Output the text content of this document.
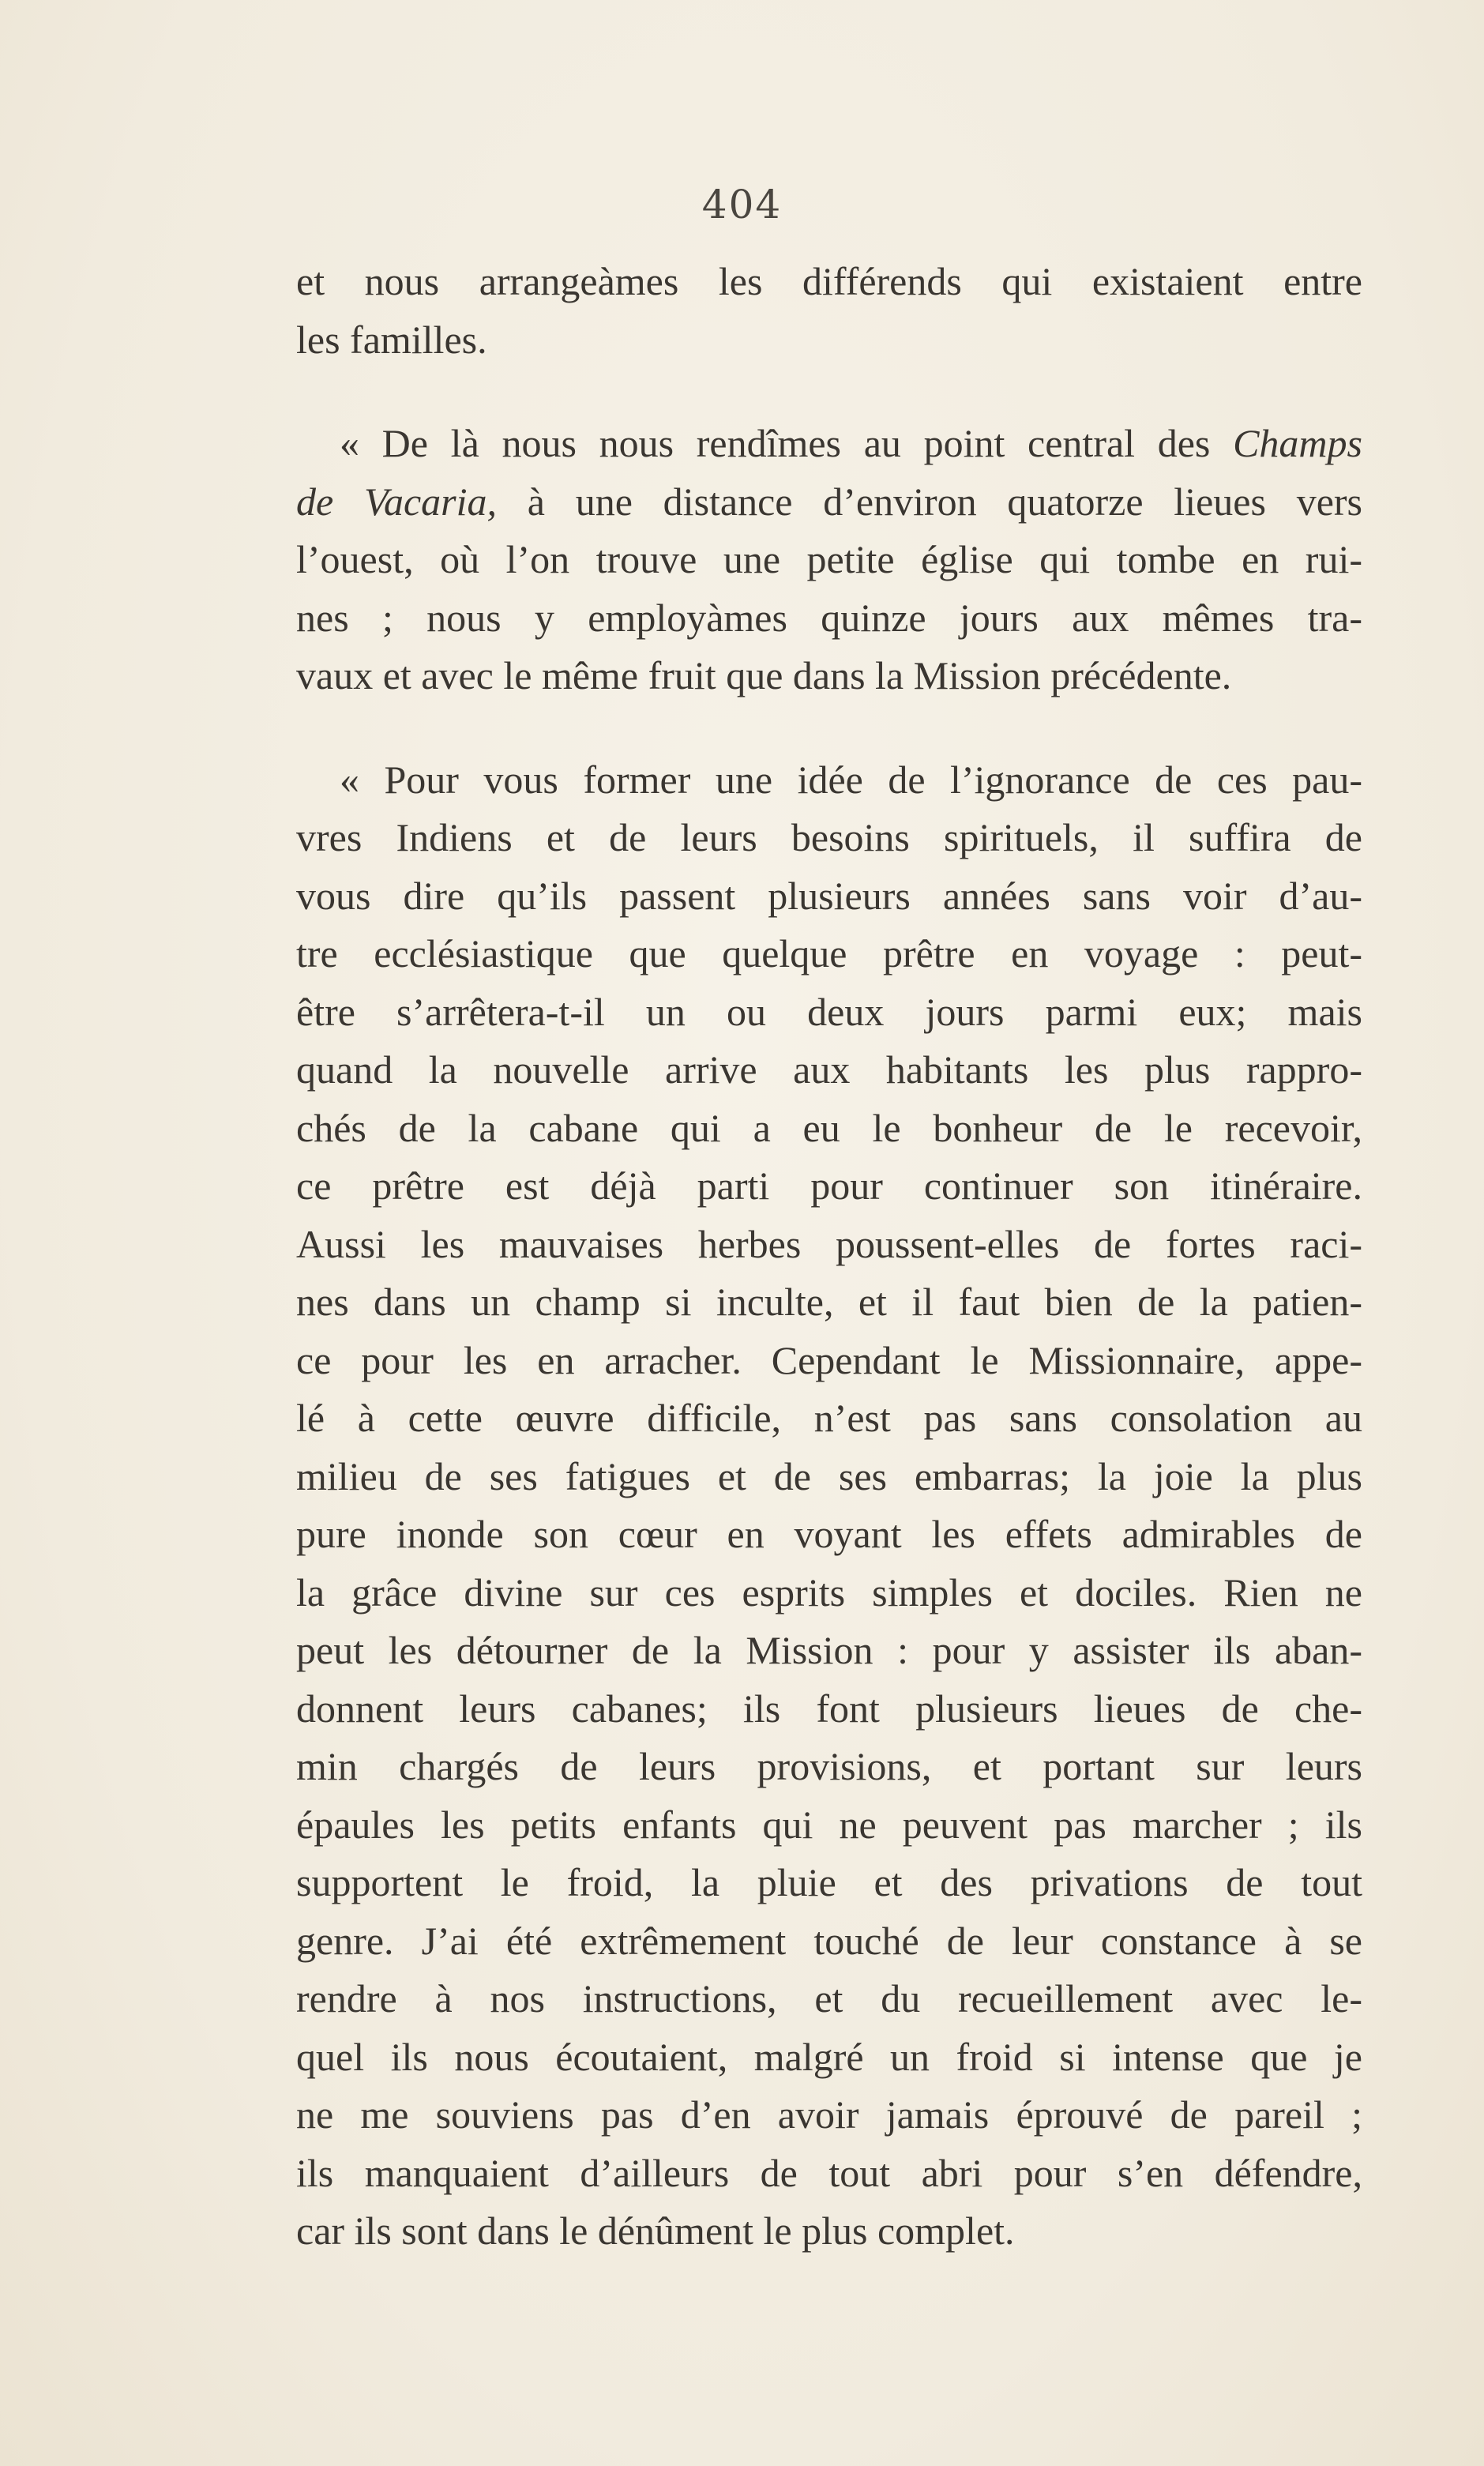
404

et nous arrangeàmes les différends qui existaient entre
les familles.
« De là nous nous rendîmes au point central des Champs
de Vacaria, à une distance d’environ quatorze lieues vers
l’ouest, où l’on trouve une petite église qui tombe en rui-
nes ; nous y employàmes quinze jours aux mêmes tra-
vaux et avec le même fruit que dans la Mission précédente.
« Pour vous former une idée de l’ignorance de ces pau-
vres Indiens et de leurs besoins spirituels, il suffira de
vous dire qu’ils passent plusieurs années sans voir d’au-
tre ecclésiastique que quelque prêtre en voyage : peut-
être s’arrêtera-t-il un ou deux jours parmi eux; mais
quand la nouvelle arrive aux habitants les plus rappro-
chés de la cabane qui a eu le bonheur de le recevoir,
ce prêtre est déjà parti pour continuer son itinéraire.
Aussi les mauvaises herbes poussent-elles de fortes raci-
nes dans un champ si inculte, et il faut bien de la patien-
ce pour les en arracher. Cependant le Missionnaire, appe-
lé à cette œuvre difficile, n’est pas sans consolation au
milieu de ses fatigues et de ses embarras; la joie la plus
pure inonde son cœur en voyant les effets admirables de
la grâce divine sur ces esprits simples et dociles. Rien ne
peut les détourner de la Mission : pour y assister ils aban-
donnent leurs cabanes; ils font plusieurs lieues de che-
min chargés de leurs provisions, et portant sur leurs
épaules les petits enfants qui ne peuvent pas marcher ; ils
supportent le froid, la pluie et des privations de tout
genre. J’ai été extrêmement touché de leur constance à se
rendre à nos instructions, et du recueillement avec le-
quel ils nous écoutaient, malgré un froid si intense que je
ne me souviens pas d’en avoir jamais éprouvé de pareil ;
ils manquaient d’ailleurs de tout abri pour s’en défendre,
car ils sont dans le dénûment le plus complet.
